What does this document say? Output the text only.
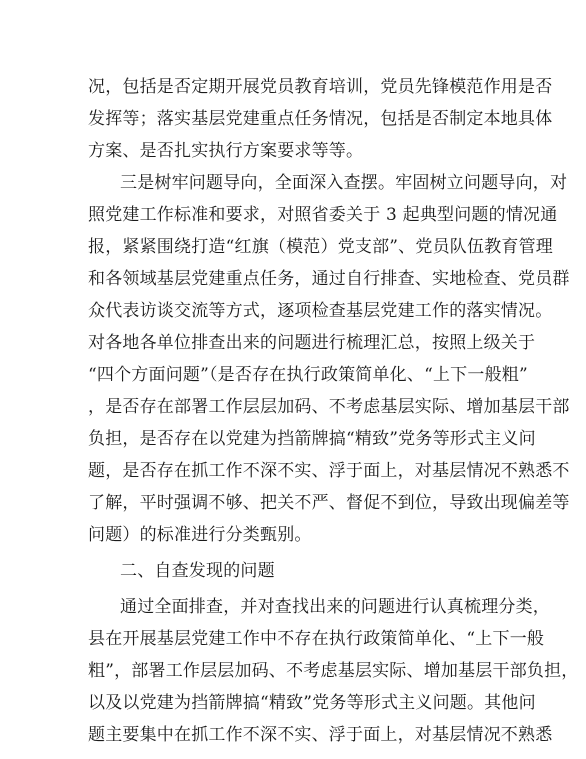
况，包括是否定期开展党员教育培训，党员先锋模范作用是否
发挥等；落实基层党建重点任务情况，包括是否制定本地具体
方案、是否扎实执行方案要求等等。
三是树牢问题导向，全面深入查摆。牢固树立问题导向，对
照党建工作标准和要求，对照省委关于 3 起典型问题的情况通
报，紧紧围绕打造“红旗（模范）党支部”、党员队伍教育管理
和各领域基层党建重点任务，通过自行排查、实地检查、党员群
众代表访谈交流等方式，逐项检查基层党建工作的落实情况。
对各地各单位排查出来的问题进行梳理汇总，按照上级关于
“四个方面问题”（是否存在执行政策简单化、“上下一般粗”
，是否存在部署工作层层加码、不考虑基层实际、增加基层干部
负担，是否存在以党建为挡箭牌搞“精致”党务等形式主义问
题，是否存在抓工作不深不实、浮于面上，对基层情况不熟悉不
了解，平时强调不够、把关不严、督促不到位，导致出现偏差等
问题）的标准进行分类甄别。
二、自查发现的问题
通过全面排查，并对查找出来的问题进行认真梳理分类，
县在开展基层党建工作中不存在执行政策简单化、“上下一般
粗”，部署工作层层加码、不考虑基层实际、增加基层干部负担，
以及以党建为挡箭牌搞“精致”党务等形式主义问题。其他问
题主要集中在抓工作不深不实、浮于面上，对基层情况不熟悉
